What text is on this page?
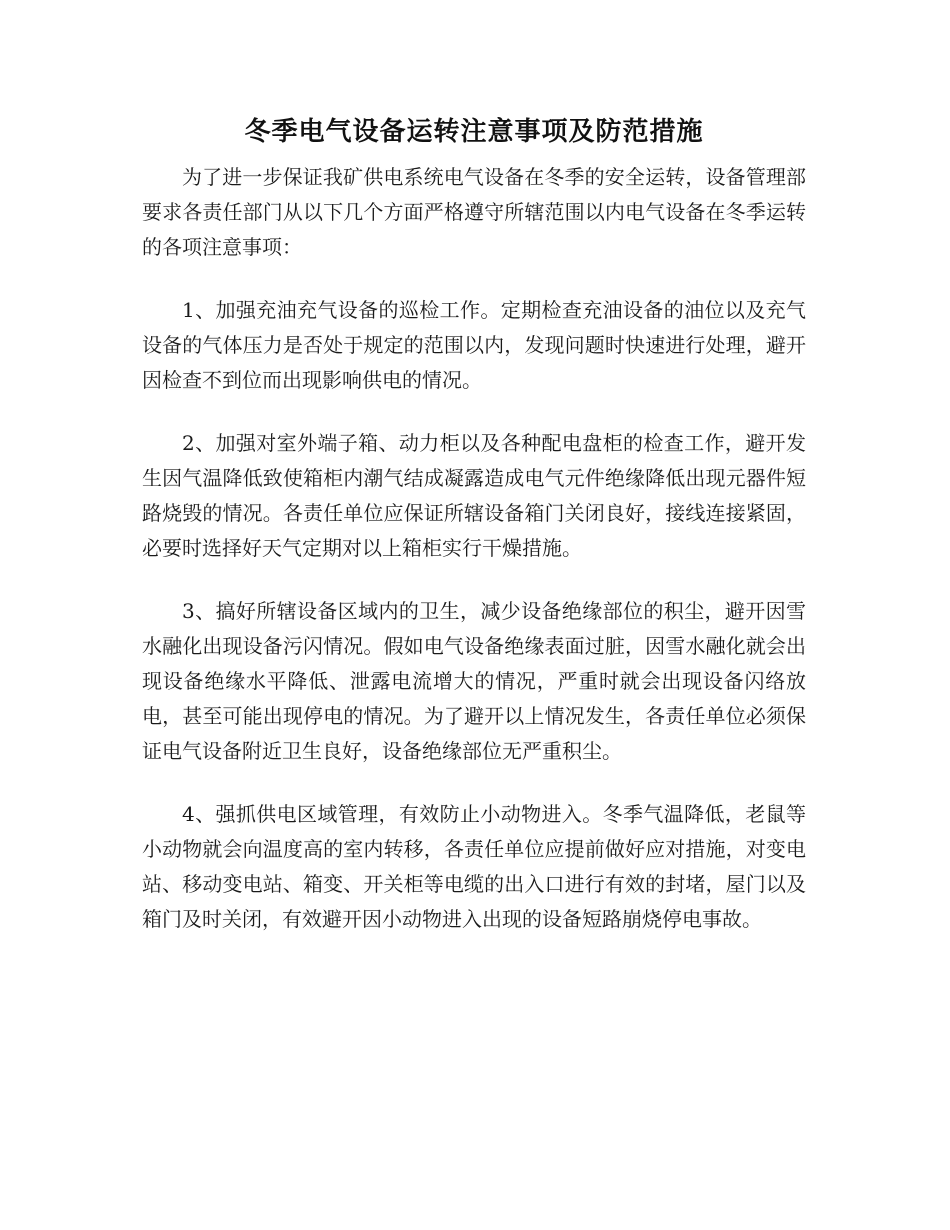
冬季电气设备运转注意事项及防范措施

为了进一步保证我矿供电系统电气设备在冬季的安全运转，设备管理部要求各责任部门从以下几个方面严格遵守所辖范围以内电气设备在冬季运转的各项注意事项：

1、加强充油充气设备的巡检工作。定期检查充油设备的油位以及充气设备的气体压力是否处于规定的范围以内，发现问题时快速进行处理，避开因检查不到位而出现影响供电的情况。

2、加强对室外端子箱、动力柜以及各种配电盘柜的检查工作，避开发生因气温降低致使箱柜内潮气结成凝露造成电气元件绝缘降低出现元器件短路烧毁的情况。各责任单位应保证所辖设备箱门关闭良好，接线连接紧固，必要时选择好天气定期对以上箱柜实行干燥措施。

3、搞好所辖设备区域内的卫生，减少设备绝缘部位的积尘，避开因雪水融化出现设备污闪情况。假如电气设备绝缘表面过脏，因雪水融化就会出现设备绝缘水平降低、泄露电流增大的情况，严重时就会出现设备闪络放电，甚至可能出现停电的情况。为了避开以上情况发生，各责任单位必须保证电气设备附近卫生良好，设备绝缘部位无严重积尘。

4、强抓供电区域管理，有效防止小动物进入。冬季气温降低，老鼠等小动物就会向温度高的室内转移，各责任单位应提前做好应对措施，对变电站、移动变电站、箱变、开关柜等电缆的出入口进行有效的封堵，屋门以及箱门及时关闭，有效避开因小动物进入出现的设备短路崩烧停电事故。
